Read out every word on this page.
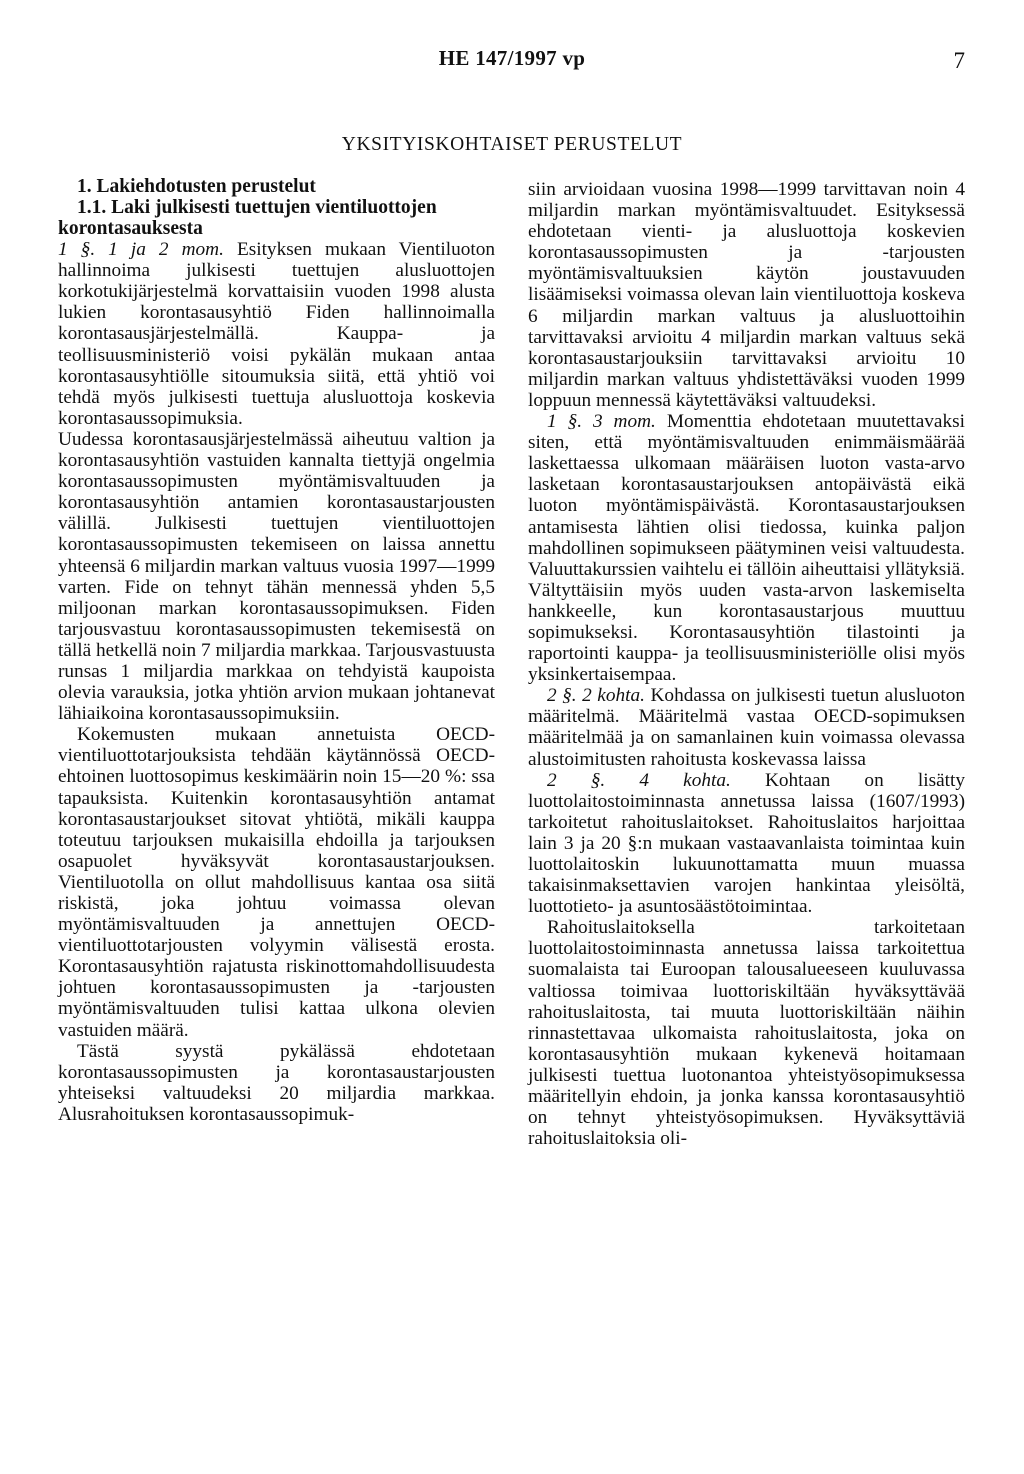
HE 147/1997 vp	7
YKSITYISKOHTAISET PERUSTELUT

1. Lakiehdotusten perustelut

1.1. Laki julkisesti tuettujen vientiluottojen korontasauksesta

1 §. 1 ja 2 mom. Esityksen mukaan Vientiluoton hallinnoima julkisesti tuettujen alusluottojen korkotukijärjestelmä korvattaisiin vuoden 1998 alusta lukien korontasausyhtiö Fiden hallinnoimalla korontasausjärjestelmällä. Kauppa- ja teollisuusministeriö voisi pykälän mukaan antaa korontasausyhtiölle sitoumuksia siitä, että yhtiö voi tehdä myös julkisesti tuettuja alusluottoja koskevia korontasaussopimuksia.

Uudessa korontasausjärjestelmässä aiheutuu valtion ja korontasausyhtiön vastuiden kannalta tiettyjä ongelmia korontasaussopimusten myöntämisvaltuuden ja korontasausyhtiön antamien korontasaustarjousten välillä. Julkisesti tuettujen vientiluottojen korontasaussopimusten tekemiseen on laissa annettu yhteensä 6 miljardin markan valtuus vuosia 1997—1999 varten. Fide on tehnyt tähän mennessä yhden 5,5 miljoonan markan korontasaussopimuksen. Fiden tarjousvastuu korontasaussopimusten tekemisestä on tällä hetkellä noin 7 miljardia markkaa. Tarjousvastuusta runsas 1 miljardia markkaa on tehdyistä kaupoista olevia varauksia, jotka yhtiön arvion mukaan johtanevat lähiaikoina korontasaussopimuksiin.

Kokemusten mukaan annetuista OECD-vientiluottotarjouksista tehdään käytännössä OECD-ehtoinen luottosopimus keskimäärin noin 15—20 %: ssa tapauksista. Kuitenkin korontasausyhtiön antamat korontasaustarjoukset sitovat yhtiötä, mikäli kauppa toteutuu tarjouksen mukaisilla ehdoilla ja tarjouksen osapuolet hyväksyvät korontasaustarjouksen. Vientiluotolla on ollut mahdollisuus kantaa osa siitä riskistä, joka johtuu voimassa olevan myöntämisvaltuuden ja annettujen OECD-vientiluottotarjousten volyymin välisestä erosta. Korontasausyhtiön rajatusta riskinottomahdollisuudesta johtuen korontasaussopimusten ja -tarjousten myöntämisvaltuuden tulisi kattaa ulkona olevien vastuiden määrä.

Tästä syystä pykälässä ehdotetaan korontasaussopimusten ja korontasaustarjousten yhteiseksi valtuudeksi 20 miljardia markkaa. Alusrahoituksen korontasaussopimuk-

siin arvioidaan vuosina 1998—1999 tarvittavan noin 4 miljardin markan myöntämisvaltuudet. Esityksessä ehdotetaan vienti- ja alusluottoja koskevien korontasaussopimusten ja -tarjousten myöntämisvaltuuksien käytön joustavuuden lisäämiseksi voimassa olevan lain vientiluottoja koskeva 6 miljardin markan valtuus ja alusluottoihin tarvittavaksi arvioitu 4 miljardin markan valtuus sekä korontasaustarjouksiin tarvittavaksi arvioitu 10 miljardin markan valtuus yhdistettäväksi vuoden 1999 loppuun mennessä käytettäväksi valtuudeksi.

1 §. 3 mom. Momenttia ehdotetaan muutettavaksi siten, että myöntämisvaltuuden enimmäismäärää laskettaessa ulkomaan määräisen luoton vasta-arvo lasketaan korontasaustarjouksen antopäivästä eikä luoton myöntämispäivästä. Korontasaustarjouksen antamisesta lähtien olisi tiedossa, kuinka paljon mahdollinen sopimukseen päätyminen veisi valtuudesta. Valuuttakurssien vaihtelu ei tällöin aiheuttaisi yllätyksiä. Vältyttäisiin myös uuden vasta-arvon laskemiselta hankkeelle, kun korontasaustarjous muuttuu sopimukseksi. Korontasausyhtiön tilastointi ja raportointi kauppa- ja teollisuusministeriölle olisi myös yksinkertaisempaa.

2 §. 2 kohta. Kohdassa on julkisesti tuetun alusluoton määritelmä. Määritelmä vastaa OECD-sopimuksen määritelmää ja on samanlainen kuin voimassa olevassa alustoimitusten rahoitusta koskevassa laissa

2 §. 4 kohta. Kohtaan on lisätty luottolaitostoiminnasta annetussa laissa (1607/1993) tarkoitetut rahoituslaitokset. Rahoituslaitos harjoittaa lain 3 ja 20 §:n mukaan vastaavanlaista toimintaa kuin luottolaitoskin lukuunottamatta muun muassa takaisinmaksettavien varojen hankintaa yleisöltä, luottotieto- ja asuntosäästötoimintaa.

Rahoituslaitoksella tarkoitetaan luottolaitostoiminnasta annetussa laissa tarkoitettua suomalaista tai Euroopan talousalueeseen kuuluvassa valtiossa toimivaa luottoriskiltään hyväksyttävää rahoituslaitosta, tai muuta luottoriskiltään näihin rinnastettavaa ulkomaista rahoituslaitosta, joka on korontasausyhtiön mukaan kykenevä hoitamaan julkisesti tuettua luotonantoa yhteistyösopimuksessa määritellyin ehdoin, ja jonka kanssa korontasausyhtiö on tehnyt yhteistyösopimuksen. Hyväksyttäviä rahoituslaitoksia oli-
